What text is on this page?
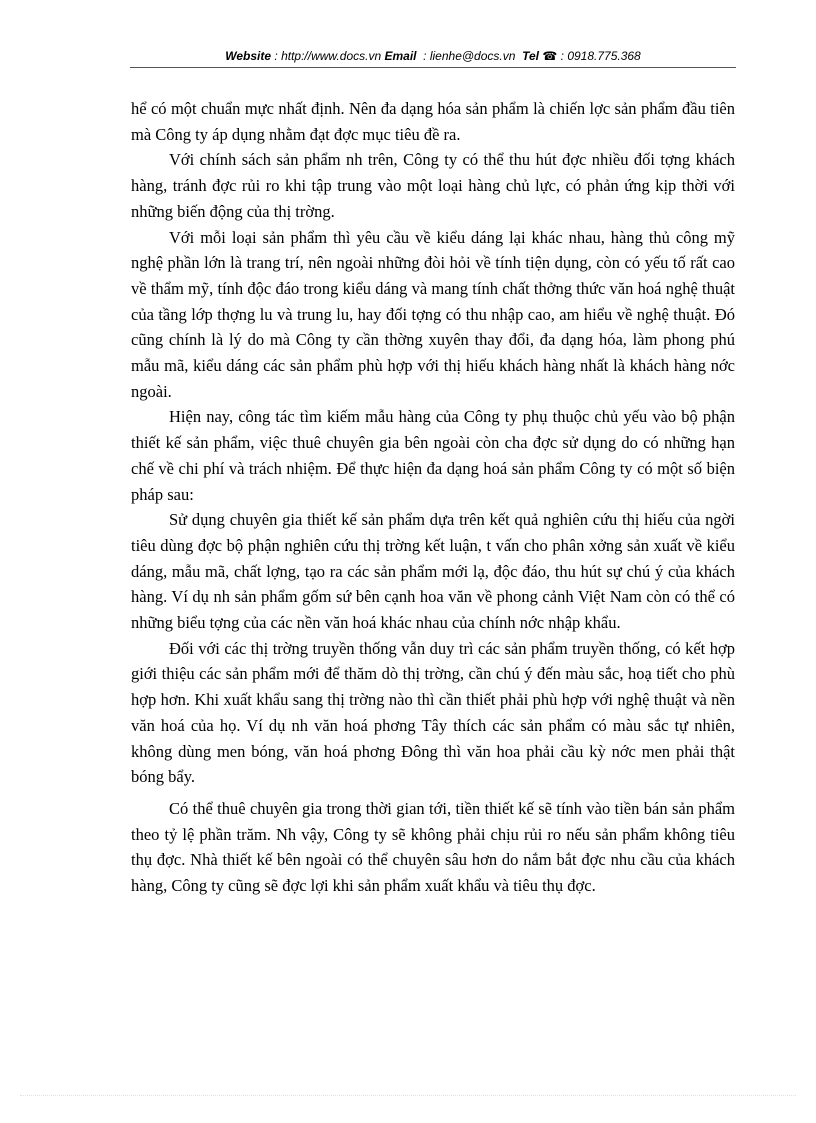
Website : http://www.docs.vn Email  : lienhe@docs.vn Tel ☎ : 0918.775.368

hể có một chuẩn mực nhất định. Nên đa dạng hóa sản phẩm là chiến lợc sản phẩm đầu tiên mà Công ty áp dụng nhằm đạt đợc mục tiêu đề ra.

Với chính sách sản phẩm nh trên, Công ty có thể thu hút đợc nhiều đối tợng khách hàng, tránh đợc rủi ro khi tập trung vào một loại hàng chủ lực, có phản ứng kịp thời với những biến động của thị trờng.

Với mỗi loại sản phẩm thì yêu cầu về kiểu dáng lại khác nhau, hàng thủ công mỹ nghệ phần lớn là trang trí, nên ngoài những đòi hỏi về tính tiện dụng, còn có yếu tố rất cao về thẩm mỹ, tính độc đáo trong kiểu dáng và mang tính chất thởng thức văn hoá nghệ thuật của tầng lớp thợng lu và trung lu, hay đối tợng có thu nhập cao, am hiểu về nghệ thuật. Đó cũng chính là lý do mà Công ty cần thờng xuyên thay đổi, đa dạng hóa, làm phong phú mẫu mã, kiểu dáng các sản phẩm phù hợp với thị hiếu khách hàng nhất là khách hàng nớc ngoài.

Hiện nay, công tác tìm kiếm mẫu hàng của Công ty phụ thuộc chủ yếu vào bộ phận thiết kế sản phẩm, việc thuê chuyên gia bên ngoài còn cha đợc sử dụng do có những hạn chế về chi phí và trách nhiệm. Để thực hiện đa dạng hoá sản phẩm Công ty có một số biện pháp sau:

Sử dụng chuyên gia thiết kế sản phẩm dựa trên kết quả nghiên cứu thị hiếu của ngời tiêu dùng đợc bộ phận nghiên cứu thị trờng kết luận, t vấn cho phân xởng sản xuất về kiểu dáng, mẫu mã, chất lợng, tạo ra các sản phẩm mới lạ, độc đáo, thu hút sự chú ý của khách hàng. Ví dụ nh sản phẩm gốm sứ bên cạnh hoa văn về phong cảnh Việt Nam còn có thể có những biểu tợng của các nền văn hoá khác nhau của chính nớc nhập khẩu.

Đối với các thị trờng truyền thống vẫn duy trì các sản phẩm truyền thống, có kết hợp giới thiệu các sản phẩm mới để thăm dò thị trờng, cần chú ý đến màu sắc, hoạ tiết cho phù hợp hơn. Khi xuất khẩu sang thị trờng nào thì cần thiết phải phù hợp với nghệ thuật và nền văn hoá của họ. Ví dụ nh văn hoá phơng Tây thích các sản phẩm có màu sắc tự nhiên, không dùng men bóng, văn hoá phơng Đông thì văn hoa phải cầu kỳ nớc men phải thật bóng bẩy.

Có thể thuê chuyên gia trong thời gian tới, tiền thiết kế sẽ tính vào tiền bán sản phẩm theo tỷ lệ phần trăm. Nh vậy, Công ty sẽ không phải chịu rủi ro nếu sản phẩm không tiêu thụ đợc. Nhà thiết kế bên ngoài có thể chuyên sâu hơn do nắm bắt đợc nhu cầu của khách hàng, Công ty cũng sẽ đợc lợi khi sản phẩm xuất khẩu và tiêu thụ đợc.
